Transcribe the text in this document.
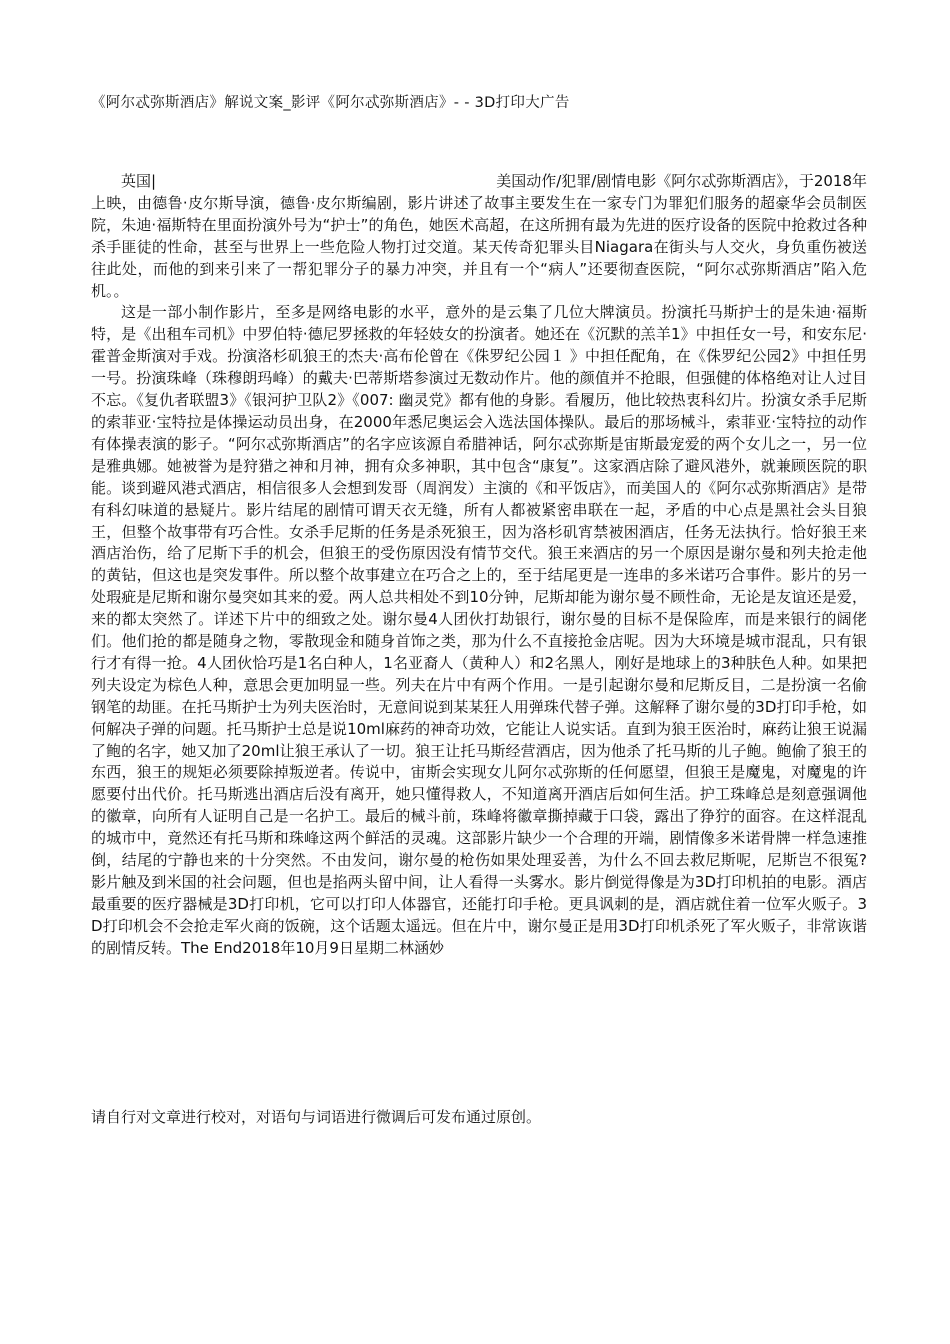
《阿尔忒弥斯酒店》解说文案_影评《阿尔忒弥斯酒店》- - 3D打印大广告

英国|	美国动作/犯罪/剧情电影《阿尔忒弥斯酒店》，于2018年
上映，由德鲁·皮尔斯导演，德鲁·皮尔斯编剧，影片讲述了故事主要发生在一家专门为罪犯们服务的超豪华会员制医院，朱迪·福斯特在里面扮演外号为“护士”的角色，她医术高超，在这所拥有最为先进的医疗设备的医院中抢救过各种杀手匪徒的性命，甚至与世界上一些危险人物打过交道。某天传奇犯罪头目Niagara在街头与人交火，身负重伤被送往此处，而他的到来引来了一帮犯罪分子的暴力冲突，并且有一个“病人”还要彻查医院，“阿尔忒弥斯酒店”陷入危机。。

这是一部小制作影片，至多是网络电影的水平，意外的是云集了几位大牌演员。扮演托马斯护士的是朱迪·福斯特，是《出租车司机》中罗伯特·德尼罗拯救的年轻妓女的扮演者。她还在《沉默的羔羊1》中担任女一号，和安东尼·霍普金斯演对手戏。扮演洛杉矶狼王的杰夫·高布伦曾在《侏罗纪公园１ 》中担任配角，在《侏罗纪公园2》中担任男一号。扮演珠峰（珠穆朗玛峰）的戴夫·巴蒂斯塔参演过无数动作片。他的颜值并不抢眼，但强健的体格绝对让人过目不忘。《复仇者联盟3》《银河护卫队2》《007: 幽灵党》都有他的身影。看履历，他比较热衷科幻片。扮演女杀手尼斯的索菲亚·宝特拉是体操运动员出身，在2000年悉尼奥运会入选法国体操队。最后的那场械斗，索菲亚·宝特拉的动作有体操表演的影子。“阿尔忒弥斯酒店”的名字应该源自希腊神话，阿尔忒弥斯是宙斯最宠爱的两个女儿之一，另一位是雅典娜。她被誉为是狩猎之神和月神，拥有众多神职，其中包含“康复”。这家酒店除了避风港外，就兼顾医院的职能。谈到避风港式酒店，相信很多人会想到发哥（周润发）主演的《和平饭店》，而美国人的《阿尔忒弥斯酒店》是带有科幻味道的悬疑片。影片结尾的剧情可谓天衣无缝，所有人都被紧密串联在一起，矛盾的中心点是黑社会头目狼王，但整个故事带有巧合性。女杀手尼斯的任务是杀死狼王，因为洛杉矶宵禁被困酒店，任务无法执行。恰好狼王来酒店治伤，给了尼斯下手的机会，但狼王的受伤原因没有情节交代。狼王来酒店的另一个原因是谢尔曼和列夫抢走他的黄钻，但这也是突发事件。所以整个故事建立在巧合之上的，至于结尾更是一连串的多米诺巧合事件。影片的另一处瑕疵是尼斯和谢尔曼突如其来的爱。两人总共相处不到10分钟，尼斯却能为谢尔曼不顾性命，无论是友谊还是爱，来的都太突然了。详述下片中的细致之处。谢尔曼4人团伙打劫银行，谢尔曼的目标不是保险库，而是来银行的阔佬们。他们抢的都是随身之物，零散现金和随身首饰之类，那为什么不直接抢金店呢。因为大环境是城市混乱，只有银行才有得一抢。4人团伙恰巧是1名白种人，1名亚裔人（黄种人）和2名黑人，刚好是地球上的3种肤色人种。如果把列夫设定为棕色人种，意思会更加明显一些。列夫在片中有两个作用。一是引起谢尔曼和尼斯反目，二是扮演一名偷钢笔的劫匪。在托马斯护士为列夫医治时，无意间说到某某狂人用弹珠代替子弹。这解释了谢尔曼的3D打印手枪，如何解决子弹的问题。托马斯护士总是说10ml麻药的神奇功效，它能让人说实话。直到为狼王医治时，麻药让狼王说漏了鲍的名字，她又加了20ml让狼王承认了一切。狼王让托马斯经营酒店，因为他杀了托马斯的儿子鲍。鲍偷了狼王的东西，狼王的规矩必须要除掉叛逆者。传说中，宙斯会实现女儿阿尔忒弥斯的任何愿望，但狼王是魔鬼，对魔鬼的许愿要付出代价。托马斯逃出酒店后没有离开，她只懂得救人，不知道离开酒店后如何生活。护工珠峰总是刻意强调他的徽章，向所有人证明自己是一名护工。最后的械斗前，珠峰将徽章撕掉藏于口袋，露出了狰狞的面容。在这样混乱的城市中，竟然还有托马斯和珠峰这两个鲜活的灵魂。这部影片缺少一个合理的开端，剧情像多米诺骨牌一样急速推倒，结尾的宁静也来的十分突然。不由发问，谢尔曼的枪伤如果处理妥善，为什么不回去救尼斯呢，尼斯岂不很冤? 影片触及到米国的社会问题，但也是掐两头留中间，让人看得一头雾水。影片倒觉得像是为3D打印机拍的电影。酒店最重要的医疗器械是3D打印机，它可以打印人体器官，还能打印手枪。更具讽刺的是，酒店就住着一位军火贩子。3D打印机会不会抢走军火商的饭碗，这个话题太遥远。但在片中，谢尔曼正是用3D打印机杀死了军火贩子，非常诙谐的剧情反转。The End2018年10月9日星期二林涵妙

请自行对文章进行校对，对语句与词语进行微调后可发布通过原创。
